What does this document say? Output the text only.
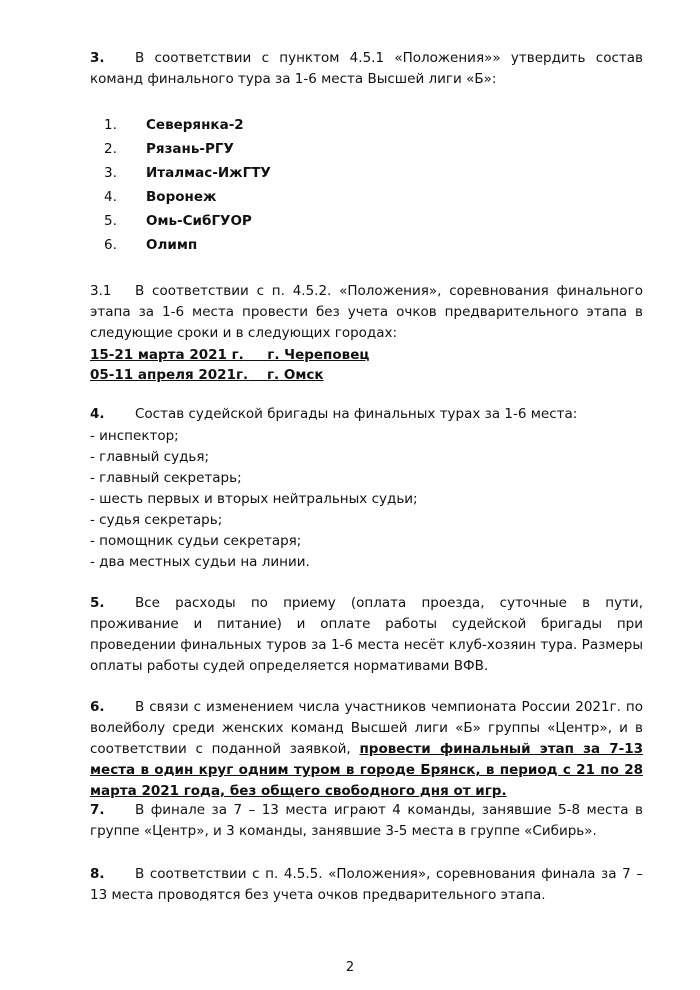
3. В соответствии с пунктом 4.5.1 «Положения»» утвердить состав команд финального тура за 1-6 места Высшей лиги «Б»:
1. Северянка-2
2. Рязань-РГУ
3. Италмас-ИжГТУ
4. Воронеж
5. Омь-СибГУОР
6. Олимп
3.1 В соответствии с п. 4.5.2. «Положения», соревнования финального этапа за 1-6 места провести без учета очков предварительного этапа в следующие сроки и в следующих городах:
15-21 марта 2021 г. г. Череповец
05-11 апреля 2021г. г. Омск
4. Состав судейской бригады на финальных турах за 1-6 места:
- инспектор;
- главный судья;
- главный секретарь;
- шесть первых и вторых нейтральных судьи;
- судья секретарь;
- помощник судьи секретаря;
- два местных судьи на линии.
5. Все расходы по приему (оплата проезда, суточные в пути, проживание и питание) и оплате работы судейской бригады при проведении финальных туров за 1-6 места несёт клуб-хозяин тура. Размеры оплаты работы судей определяется нормативами ВФВ.
6. В связи с изменением числа участников чемпионата России 2021г. по волейболу среди женских команд Высшей лиги «Б» группы «Центр», и в соответствии с поданной заявкой, провести финальный этап за 7-13 места в один круг одним туром в городе Брянск, в период с 21 по 28 марта 2021 года, без общего свободного дня от игр.
7. В финале за 7 – 13 места играют 4 команды, занявшие 5-8 места в группе «Центр», и 3 команды, занявшие 3-5 места в группе «Сибирь».
8. В соответствии с п. 4.5.5. «Положения», соревнования финала за 7 – 13 места проводятся без учета очков предварительного этапа.
2
